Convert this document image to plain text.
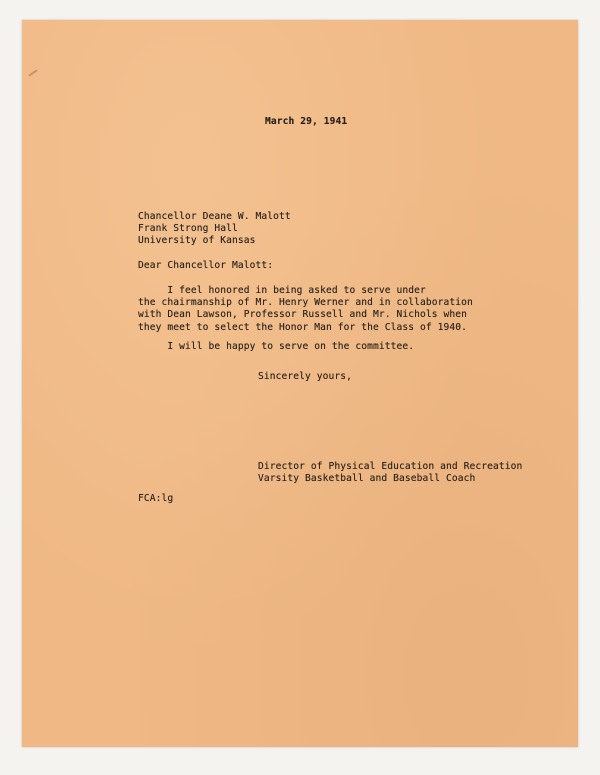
March 29, 1941
Chancellor Deane W. Malott
Frank Strong Hall
University of Kansas
Dear Chancellor Malott:
I feel honored in being asked to serve under
the chairmanship of Mr. Henry Werner and in collaboration
with Dean Lawson, Professor Russell and Mr. Nichols when
they meet to select the Honor Man for the Class of 1940.
I will be happy to serve on the committee.
Sincerely yours,
Director of Physical Education and Recreation
Varsity Basketball and Baseball Coach
FCA:lg
